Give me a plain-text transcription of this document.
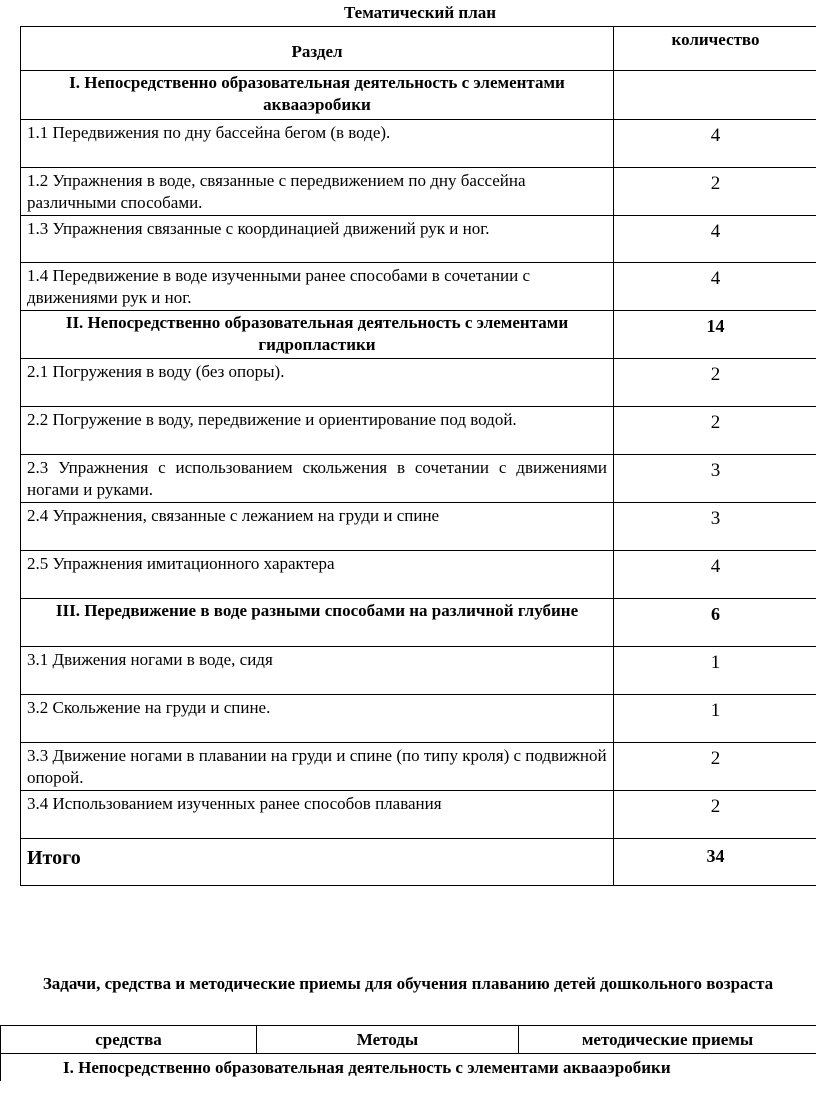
Тематический план
Раздел	количество
I. Непосредственно образовательная деятельность с элементами аквааэробики	
1.1 Передвижения по дну бассейна бегом (в воде).	4
1.2 Упражнения в воде, связанные с передвижением по дну бассейна различными способами.	2
1.3 Упражнения связанные с координацией движений рук и ног.	4
1.4 Передвижение в воде изученными ранее способами в сочетании с движениями рук и ног.	4
II. Непосредственно образовательная деятельность с элементами гидропластики	14
2.1 Погружения в воду (без опоры).	2
2.2 Погружение в воду, передвижение и ориентирование под водой.	2
2.3 Упражнения с использованием скольжения в сочетании с движениями ногами и руками.	3
2.4 Упражнения, связанные с лежанием на груди и спине	3
2.5 Упражнения имитационного характера	4
III. Передвижение в воде разными способами на различной глубине	6
3.1 Движения ногами в воде, сидя	1
3.2 Скольжение на груди и спине.	1
3.3 Движение ногами в плавании на груди и спине (по типу кроля) с подвижной опорой.	2
3.4 Использованием изученных ранее способов плавания	2
Итого	34
Задачи, средства и методические приемы для обучения плаванию детей дошкольного возраста
средства	Методы	методические приемы
I. Непосредственно образовательная деятельность с элементами аквааэробики
